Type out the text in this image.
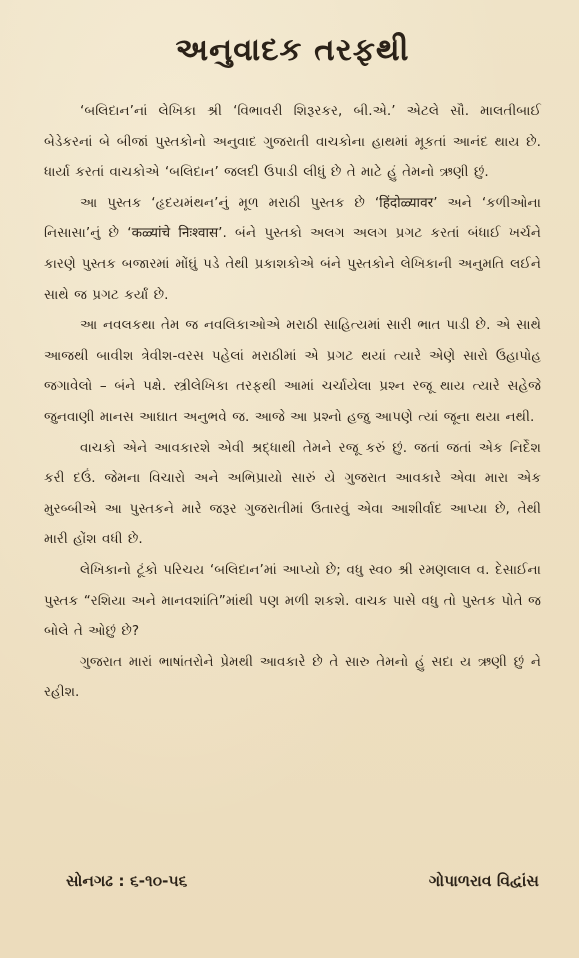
અનુવાદક તરફથી

‘બલિદાન’નાં લેખિકા શ્રી ‘વિભાવરી શિરૂરકર, બી.એ.’ એટલે સૌ. માલતીબાઈ બેડેકરનાં બે બીજાં પુસ્તકોનો અનુવાદ ગુજરાતી વાચકોના હાથમાં મૂકતાં આનંદ થાય છે. ધાર્યા કરતાં વાચકોએ ‘બલિદાન’ જલદી ઉપાડી લીધું છે તે માટે હું તેમનો ઋણી છું.

આ પુસ્તક ‘હૃદયમંથન’નું મૂળ મરાઠી પુસ્તક છે ‘हिंदोळ्यावर’ અને ‘કળીઓના નિસાસા’નું છે ‘कळ्यांचे निःश्वास’. બંને પુસ્તકો અલગ અલગ પ્રગટ કરતાં બંધાઈ ખર્ચને કારણે પુસ્તક બજારમાં મોંઘું પડે તેથી પ્રકાશકોએ બંને પુસ્તકોને લેખિકાની અનુમતિ લઈને સાથે જ પ્રગટ કર્યાં છે.

આ નવલકથા તેમ જ નવલિકાઓએ મરાઠી સાહિત્યમાં સારી ભાત પાડી છે. એ સાથે આજથી બાવીશ ત્રેવીશ-વરસ પહેલાં મરાઠીમાં એ પ્રગટ થયાં ત્યારે એણે સારો ઉહાપોહ જગાવેલો – બંને પક્ષે. સ્ત્રીલેખિકા તરફથી આમાં ચર્ચાયેલા પ્રશ્ન રજૂ થાય ત્યારે સહેજે જુનવાણી માનસ આઘાત અનુભવે જ. આજે આ પ્રશ્નો હજુ આપણે ત્યાં જૂના થયા નથી.

વાચકો એને આવકારશે એવી શ્રદ્ધાથી તેમને રજૂ કરું છું. જતાં જતાં એક નિર્દેશ કરી દઉં. જેમના વિચારો અને અભિપ્રાયો સારું યે ગુજરાત આવકારે એવા મારા એક મુરબ્બીએ આ પુસ્તકને મારે જરૂર ગુજરાતીમાં ઉતારવું એવા આશીર્વાદ આપ્યા છે, તેથી મારી હોંશ વધી છે.

લેખિકાનો ટૂંકો પરિચય ‘બલિદાન’માં આપ્યો છે; વધુ સ્વ૦ શ્રી રમણલાલ વ. દેસાઈના પુસ્તક “રશિયા અને માનવશાંતિ”માંથી પણ મળી શકશે. વાચક પાસે વધુ તો પુસ્તક પોતે જ બોલે તે ઓછું છે?

ગુજરાત મારાં ભાષાંતરોને પ્રેમથી આવકારે છે તે સારુ તેમનો હું સદા ય ઋણી છું ને રહીશ.

સોનગઢ : ૬-૧૦-૫૬	ગોપાળરાવ વિદ્વાંસ
